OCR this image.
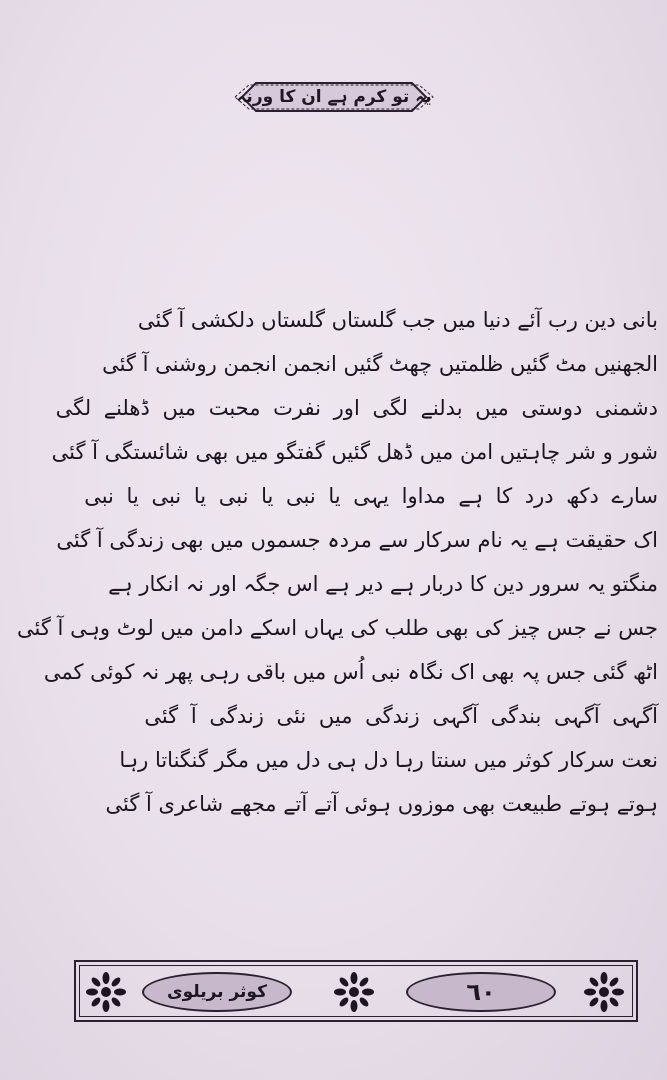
یہ تو کرم ہے ان کا ورنہ
بانی دین رب آئے دنیا میں جب گلستاں گلستاں دلکشی آ گئی
الجھنیں مٹ گئیں ظلمتیں چھٹ گئیں انجمن انجمن روشنی آ گئی
دشمنی دوستی میں بدلنے لگی اور نفرت محبت میں ڈھلنے لگی
شور و شر چاہتیں امن میں ڈھل گئیں گفتگو میں بھی شائستگی آ گئی
سارے دکھ درد کا ہے مداوا یہی یا نبی یا نبی یا نبی یا نبی
اک حقیقت ہے یہ نام سرکار سے مردہ جسموں میں بھی زندگی آ گئی
منگتو یہ سرور دین کا دربار ہے دیر ہے اس جگہ اور نہ انکار ہے
جس نے جس چیز کی بھی طلب کی یہاں اسکے دامن میں لوٹ وہی آ گئی
اٹھ گئی جس پہ بھی اک نگاہ نبی اُس میں باقی رہی پھر نہ کوئی کمی
آگہی آگہی بندگی آگہی زندگی میں نئی زندگی آ گئی
نعت سرکار کوثر میں سنتا رہا دل ہی دل میں مگر گنگناتا رہا
ہوتے ہوتے طبیعت بھی موزوں ہوئی آتے آتے مجھے شاعری آ گئی
کوثر بریلوی	٦٠
